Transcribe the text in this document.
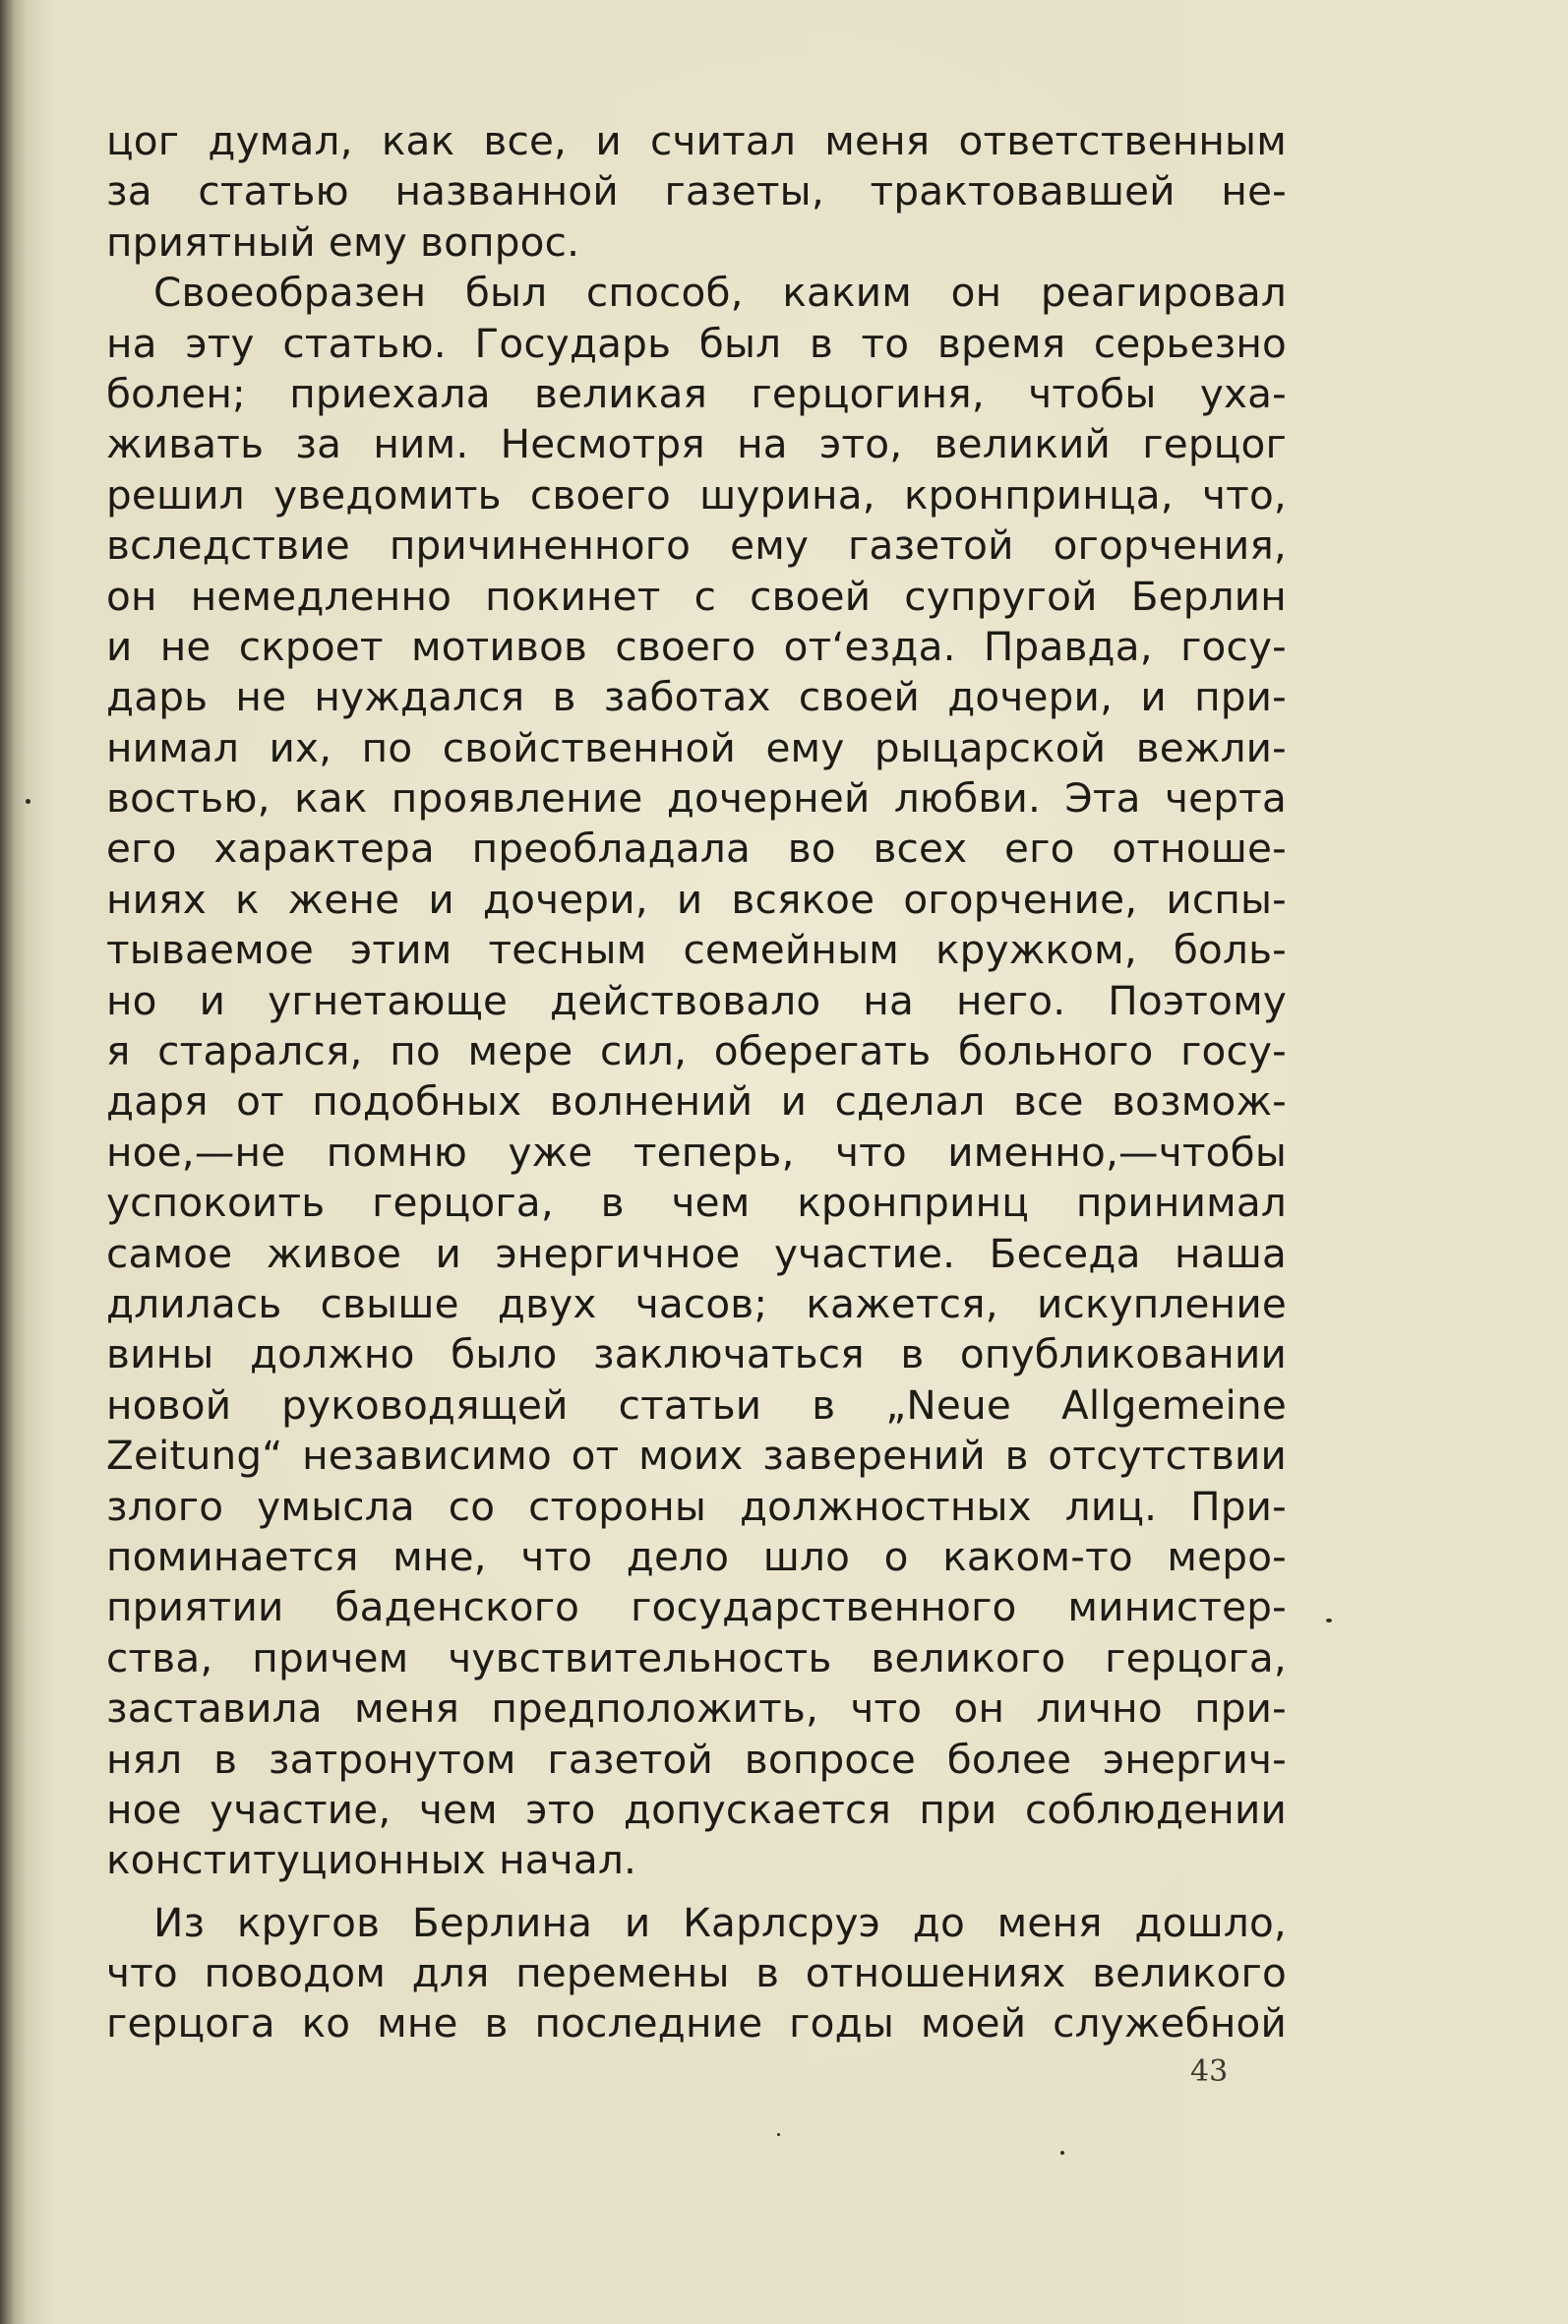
цог думал, как все, и считал меня ответственным
за статью названной газеты, трактовавшей не-
приятный ему вопрос.
Своеобразен был способ, каким он реагировал
на эту статью. Государь был в то время серьезно
болен; приехала великая герцогиня, чтобы уха-
живать за ним. Несмотря на это, великий герцог
решил уведомить своего шурина, кронпринца, что,
вследствие причиненного ему газетой огорчения,
он немедленно покинет с своей супругой Берлин
и не скроет мотивов своего от‘езда. Правда, госу-
дарь не нуждался в заботах своей дочери, и при-
нимал их, по свойственной ему рыцарской вежли-
востью, как проявление дочерней любви. Эта черта
его характера преобладала во всех его отноше-
ниях к жене и дочери, и всякое огорчение, испы-
тываемое этим тесным семейным кружком, боль-
но и угнетающе действовало на него. Поэтому
я старался, по мере сил, оберегать больного госу-
даря от подобных волнений и сделал все возмож-
ное,—не помню уже теперь, что именно,—чтобы
успокоить герцога, в чем кронпринц принимал
самое живое и энергичное участие. Беседа наша
длилась свыше двух часов; кажется, искупление
вины должно было заключаться в опубликовании
новой руководящей статьи в „Neue Allgemeine
Zeitung“ независимо от моих заверений в отсутствии
злого умысла со стороны должностных лиц. При-
поминается мне, что дело шло о каком-то меро-
приятии баденского государственного министер-
ства, причем чувствительность великого герцога,
заставила меня предположить, что он лично при-
нял в затронутом газетой вопросе более энергич-
ное участие, чем это допускается при соблюдении
конституционных начал.
Из кругов Берлина и Карлсруэ до меня дошло,
что поводом для перемены в отношениях великого
герцога ко мне в последние годы моей служебной
43
